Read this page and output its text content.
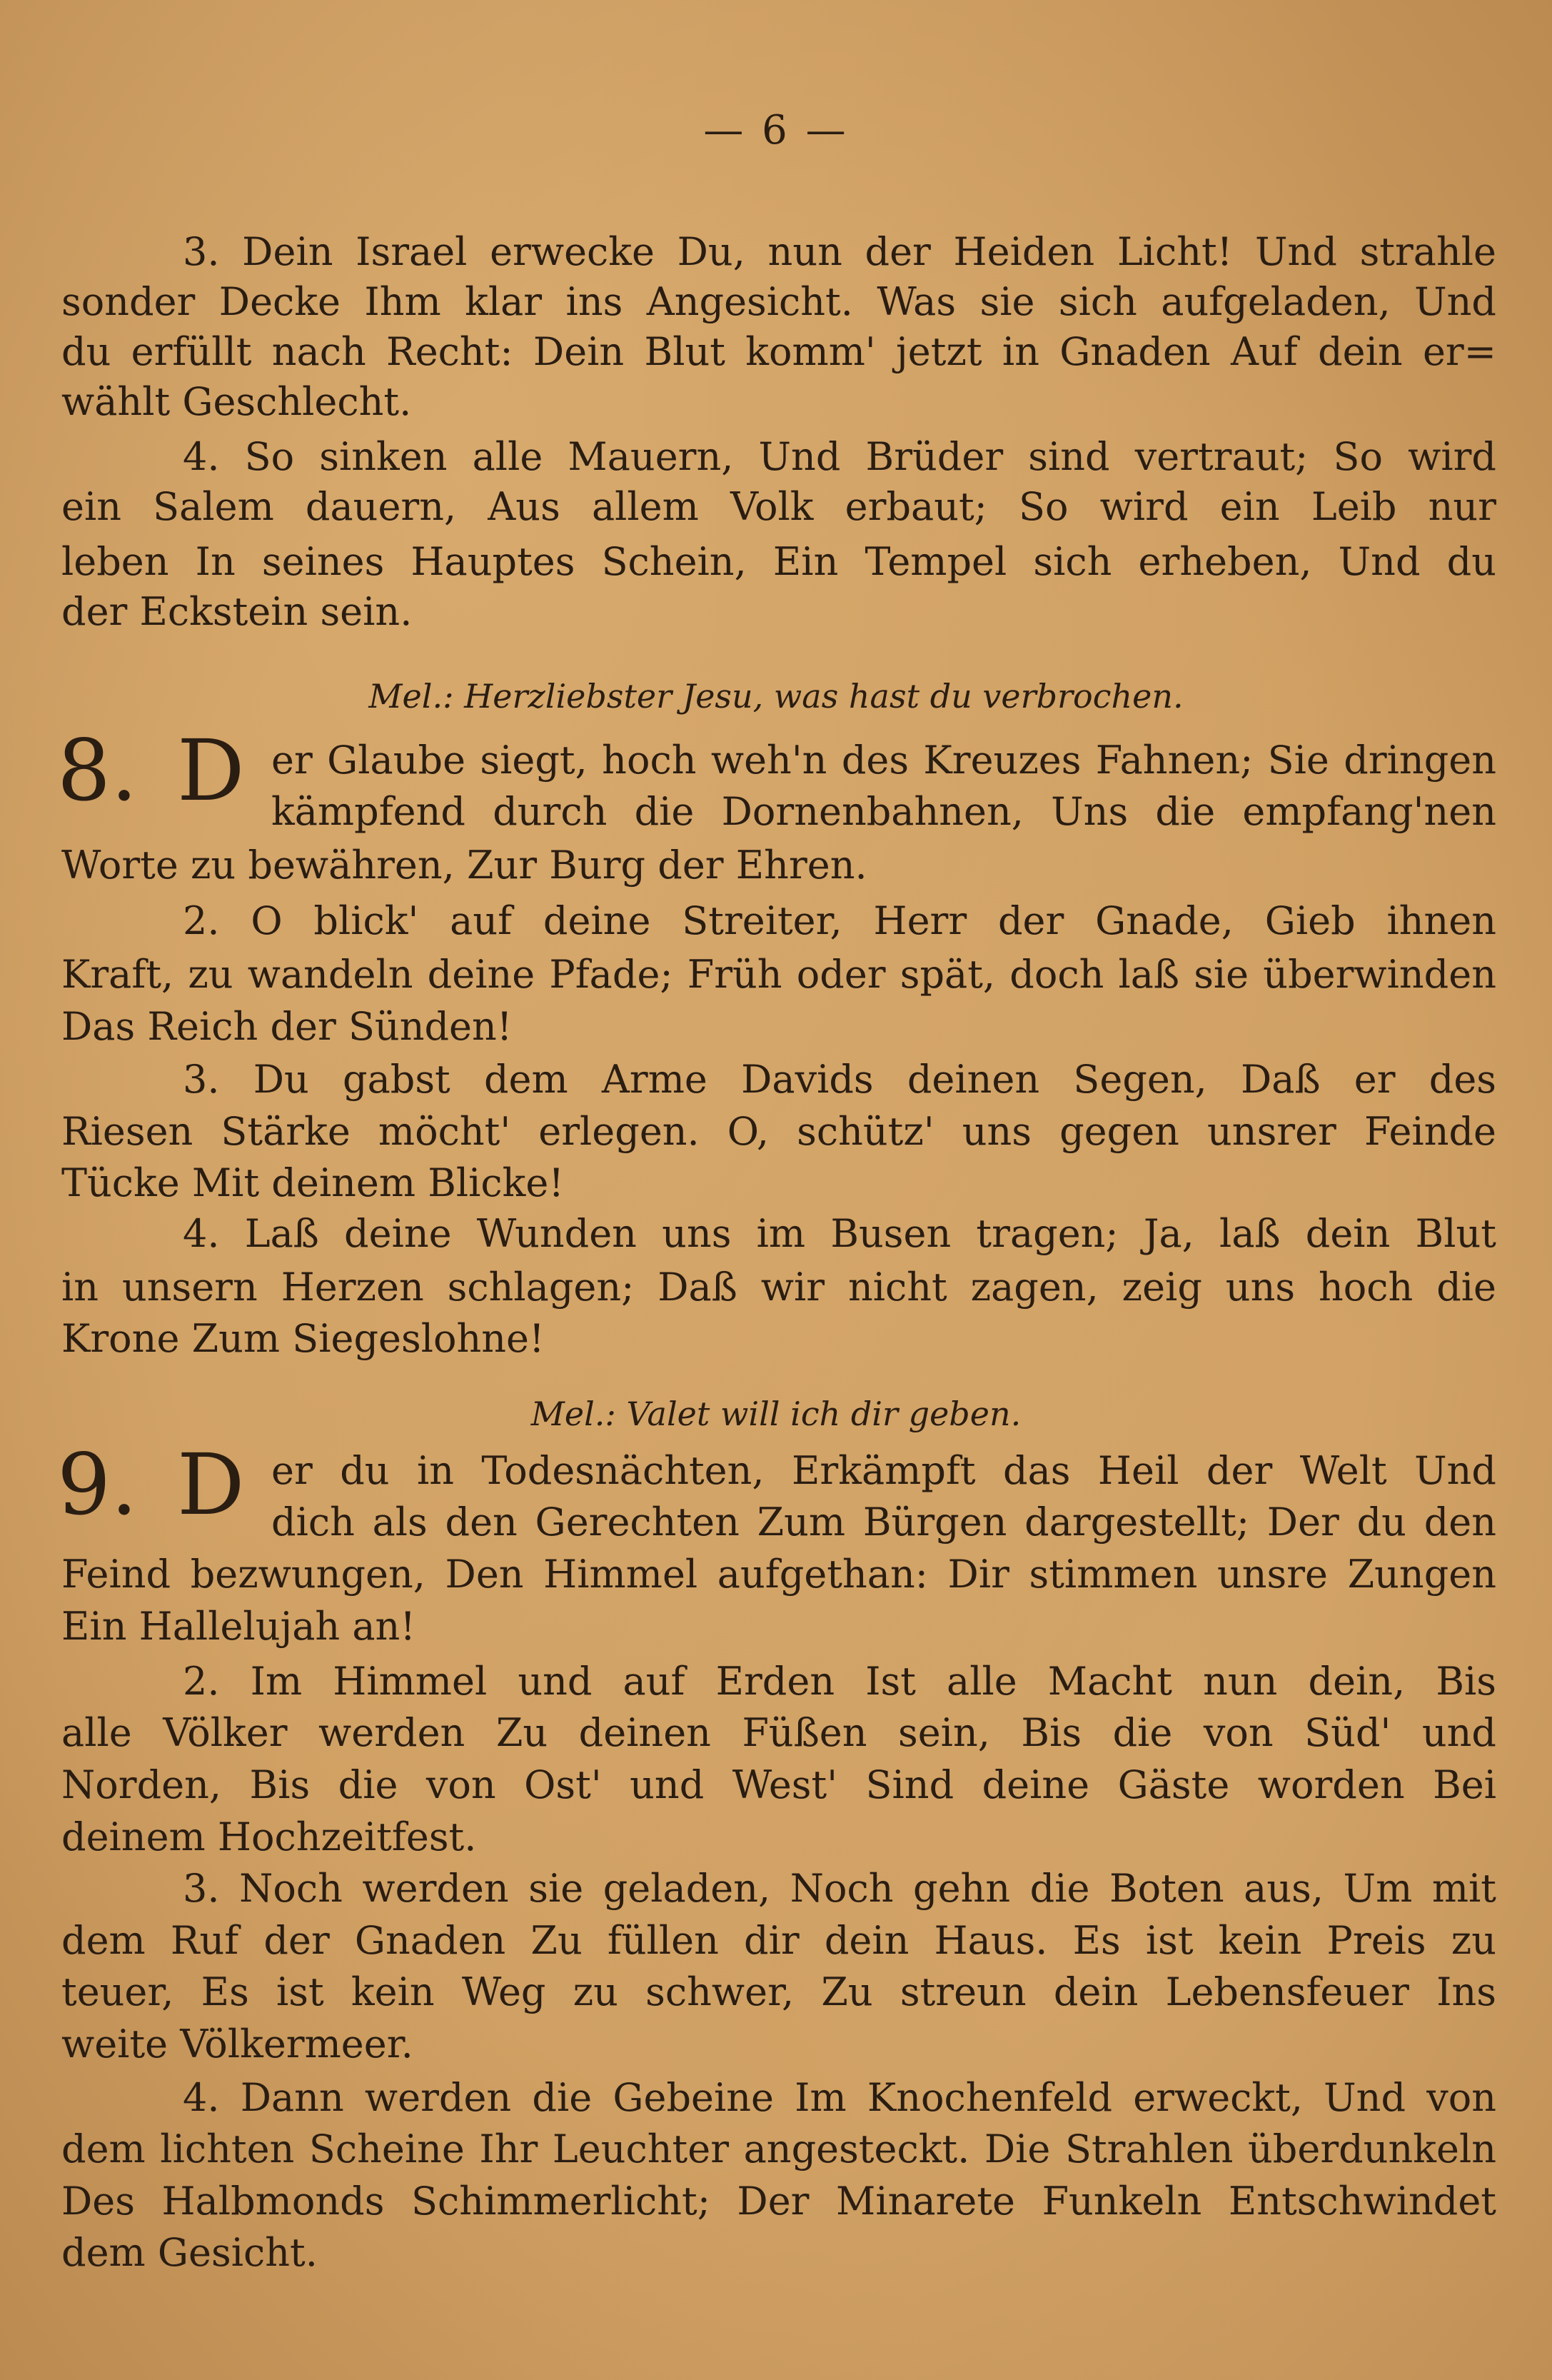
— 6 —
3. Dein Israel erwecke Du, nun der Heiden Licht! Und strahle
sonder Decke Ihm klar ins Angesicht. Was sie sich aufgeladen, Und
du erfüllt nach Recht: Dein Blut komm' jetzt in Gnaden Auf dein er=
wählt Geschlecht.
4. So sinken alle Mauern, Und Brüder sind vertraut; So wird
ein Salem dauern, Aus allem Volk erbaut; So wird ein Leib nur
leben In seines Hauptes Schein, Ein Tempel sich erheben, Und du
der Eckstein sein.
Mel.: Herzliebster Jesu, was hast du verbrochen.
8. D er Glaube siegt, hoch weh'n des Kreuzes Fahnen; Sie dringen
kämpfend durch die Dornenbahnen, Uns die empfang'nen
Worte zu bewähren, Zur Burg der Ehren.
2. O blick' auf deine Streiter, Herr der Gnade, Gieb ihnen
Kraft, zu wandeln deine Pfade; Früh oder spät, doch laß sie überwinden
Das Reich der Sünden!
3. Du gabst dem Arme Davids deinen Segen, Daß er des
Riesen Stärke möcht' erlegen. O, schütz' uns gegen unsrer Feinde
Tücke Mit deinem Blicke!
4. Laß deine Wunden uns im Busen tragen; Ja, laß dein Blut
in unsern Herzen schlagen; Daß wir nicht zagen, zeig uns hoch die
Krone Zum Siegeslohne!
Mel.: Valet will ich dir geben.
9. D er du in Todesnächten, Erkämpft das Heil der Welt Und
dich als den Gerechten Zum Bürgen dargestellt; Der du den
Feind bezwungen, Den Himmel aufgethan: Dir stimmen unsre Zungen
Ein Hallelujah an!
2. Im Himmel und auf Erden Ist alle Macht nun dein, Bis
alle Völker werden Zu deinen Füßen sein, Bis die von Süd' und
Norden, Bis die von Ost' und West' Sind deine Gäste worden Bei
deinem Hochzeitfest.
3. Noch werden sie geladen, Noch gehn die Boten aus, Um mit
dem Ruf der Gnaden Zu füllen dir dein Haus. Es ist kein Preis zu
teuer, Es ist kein Weg zu schwer, Zu streun dein Lebensfeuer Ins
weite Völkermeer.
4. Dann werden die Gebeine Im Knochenfeld erweckt, Und von
dem lichten Scheine Ihr Leuchter angesteckt. Die Strahlen überdunkeln
Des Halbmonds Schimmerlicht; Der Minarete Funkeln Entschwindet
dem Gesicht.
